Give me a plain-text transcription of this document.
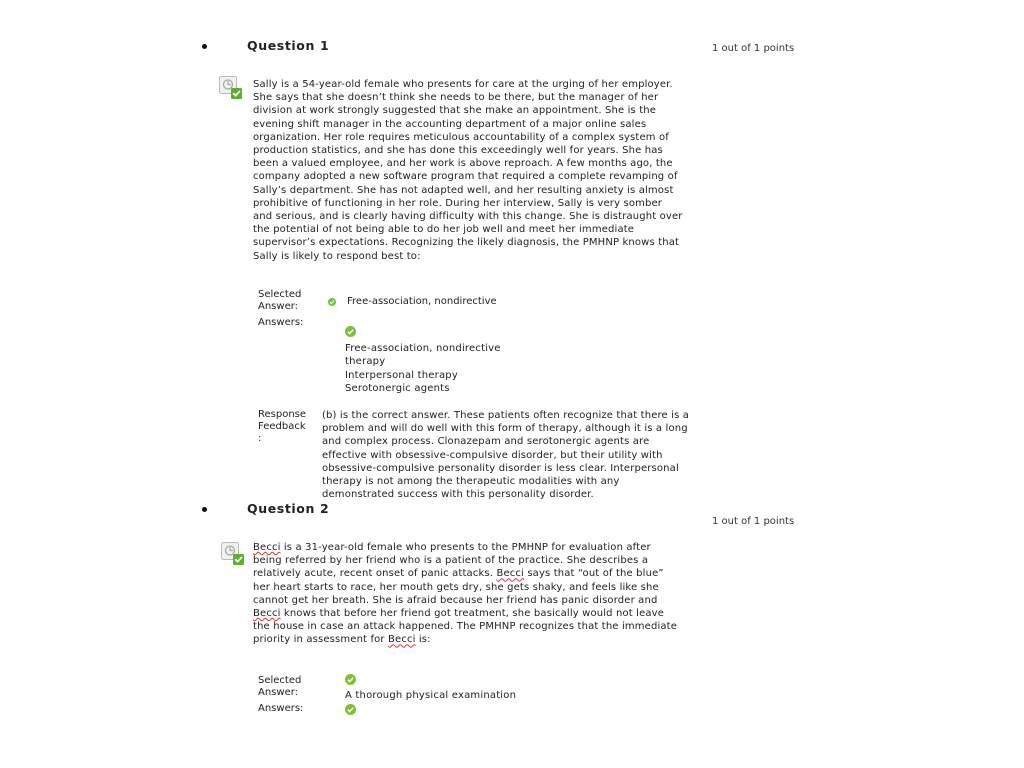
Question 1	1 out of 1 points
Sally is a 54-year-old female who presents for care at the urging of her employer.
She says that she doesn’t think she needs to be there, but the manager of her
division at work strongly suggested that she make an appointment. She is the
evening shift manager in the accounting department of a major online sales
organization. Her role requires meticulous accountability of a complex system of
production statistics, and she has done this exceedingly well for years. She has
been a valued employee, and her work is above reproach. A few months ago, the
company adopted a new software program that required a complete revamping of
Sally’s department. She has not adapted well, and her resulting anxiety is almost
prohibitive of functioning in her role. During her interview, Sally is very somber
and serious, and is clearly having difficulty with this change. She is distraught over
the potential of not being able to do her job well and meet her immediate
supervisor’s expectations. Recognizing the likely diagnosis, the PMHNP knows that
Sally is likely to respond best to:
Selected
Answer:	Free-association, nondirective
Answers:
Free-association, nondirective
therapy
Interpersonal therapy
Serotonergic agents
Response
Feedback
:
(b) is the correct answer. These patients often recognize that there is a
problem and will do well with this form of therapy, although it is a long
and complex process. Clonazepam and serotonergic agents are
effective with obsessive-compulsive disorder, but their utility with
obsessive-compulsive personality disorder is less clear. Interpersonal
therapy is not among the therapeutic modalities with any
demonstrated success with this personality disorder.
Question 2
1 out of 1 points
Becci is a 31-year-old female who presents to the PMHNP for evaluation after
being referred by her friend who is a patient of the practice. She describes a
relatively acute, recent onset of panic attacks. Becci says that “out of the blue”
her heart starts to race, her mouth gets dry, she gets shaky, and feels like she
cannot get her breath. She is afraid because her friend has panic disorder and
Becci knows that before her friend got treatment, she basically would not leave
the house in case an attack happened. The PMHNP recognizes that the immediate
priority in assessment for Becci is:
Selected
Answer:	A thorough physical examination
Answers:
